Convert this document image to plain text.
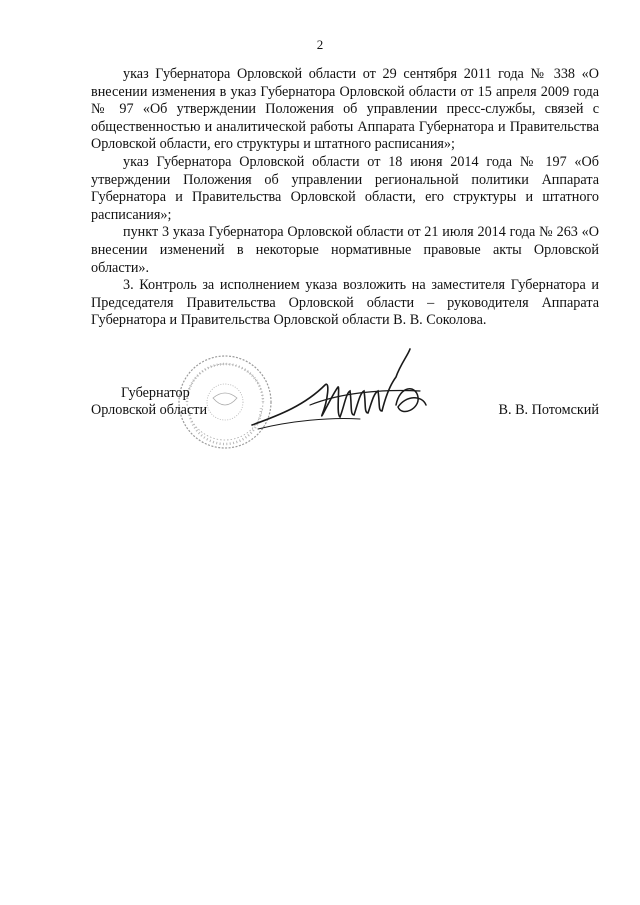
2

указ Губернатора Орловской области от 29 сентября 2011 года № 338 «О внесении изменения в указ Губернатора Орловской области от 15 апреля 2009 года № 97 «Об утверждении Положения об управлении пресс-службы, связей с общественностью и аналитической работы Аппарата Губернатора и Правительства Орловской области, его структуры и штатного расписания»;

указ Губернатора Орловской области от 18 июня 2014 года № 197 «Об утверждении Положения об управлении региональной политики Аппарата Губернатора и Правительства Орловской области, его структуры и штатного расписания»;

пункт 3 указа Губернатора Орловской области от 21 июля 2014 года № 263 «О внесении изменений в некоторые нормативные правовые акты Орловской области».

3. Контроль за исполнением указа возложить на заместителя Губернатора и Председателя Правительства Орловской области – руководителя Аппарата Губернатора и Правительства Орловской области В. В. Соколова.

Губернатор
Орловской области	В. В. Потомский
